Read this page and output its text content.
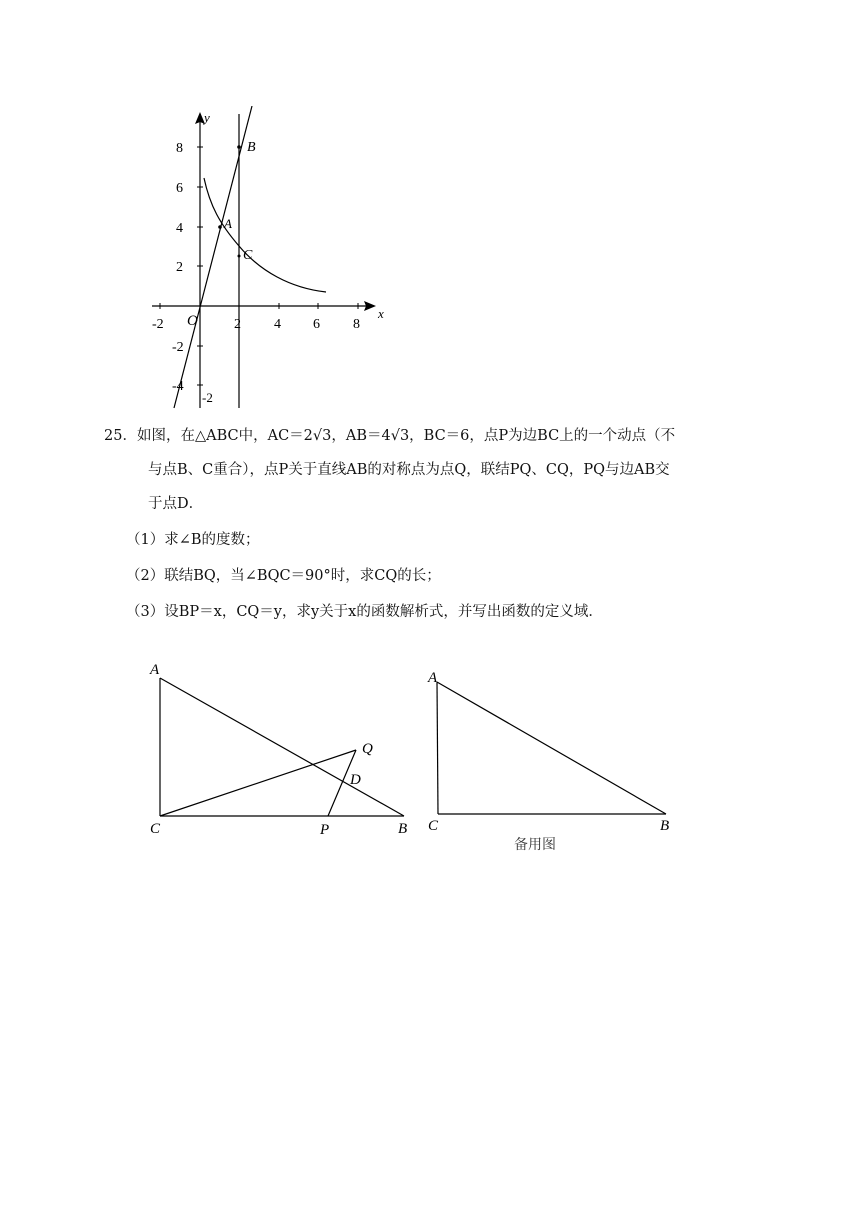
y
x
8
6
4
2
-2
-4
-2	2 4 6 8
O
-2
A
B
C
25．如图，在△ABC中，AC＝2√3，AB＝4√3，BC＝6，点P为边BC上的一个动点（不
与点B、C重合），点P关于直线AB的对称点为点Q，联结PQ、CQ，PQ与边AB交
于点D．
（1）求∠B的度数；
（2）联结BQ，当∠BQC＝90°时，求CQ的长；
（3）设BP＝x，CQ＝y，求y关于x的函数解析式，并写出函数的定义域．
A
C	B
P
Q
D
A
C	B
备用图
